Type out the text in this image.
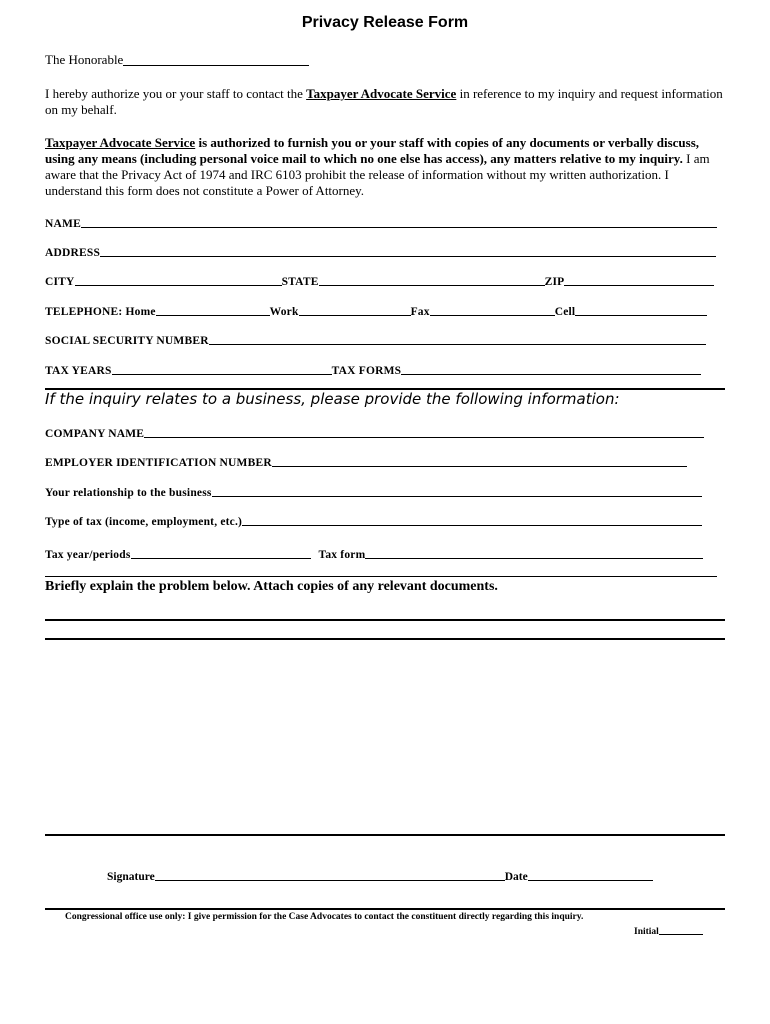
Privacy Release Form
The Honorable
I hereby authorize you or your staff to contact the Taxpayer Advocate Service in reference to my inquiry and request information on my behalf.
Taxpayer Advocate Service is authorized to furnish you or your staff with copies of any documents or verbally discuss, using any means (including personal voice mail to which no one else has access), any matters relative to my inquiry. I am aware that the Privacy Act of 1974 and IRC 6103 prohibit the release of information without my written authorization. I understand this form does not constitute a Power of Attorney.
NAME
ADDRESS
CITY	STATE	ZIP
TELEPHONE: Home	Work	Fax	Cell
SOCIAL SECURITY NUMBER
TAX YEARS	TAX FORMS
If the inquiry relates to a business, please provide the following information:
COMPANY NAME
EMPLOYER IDENTIFICATION NUMBER
Your relationship to the business
Type of tax (income, employment, etc.)
Tax year/periods	Tax form
Briefly explain the problem below. Attach copies of any relevant documents.
Signature	Date
Congressional office use only: I give permission for the Case Advocates to contact the constituent directly regarding this inquiry.
Initial
